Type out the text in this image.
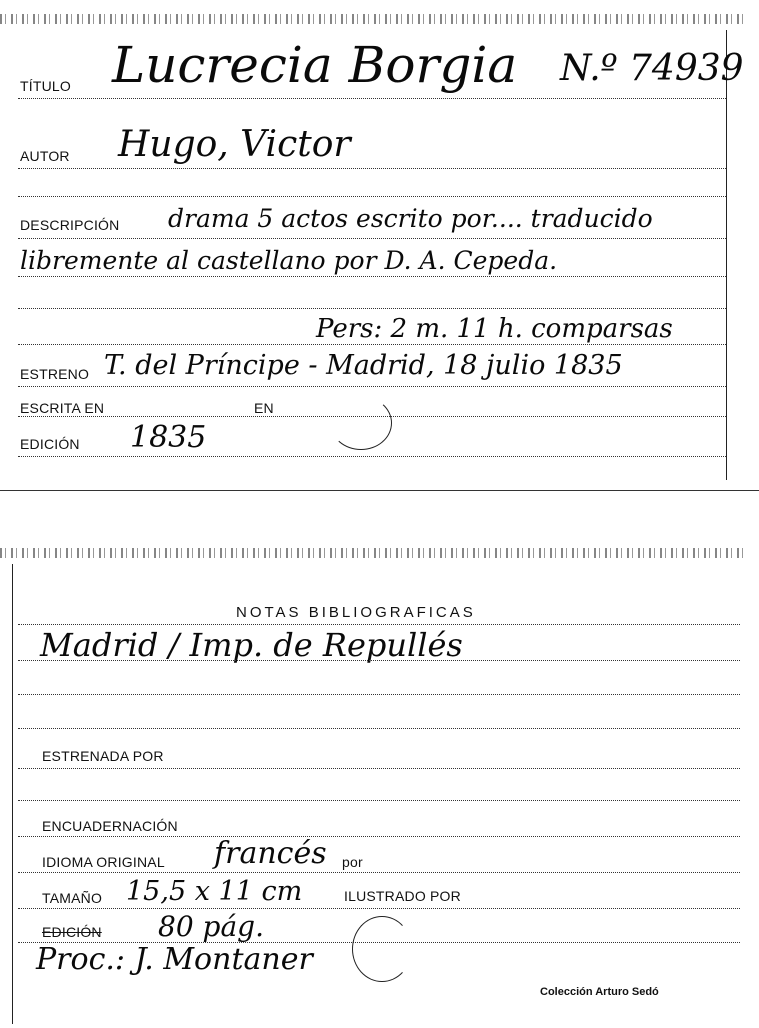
TÍTULO Lucrecia Borgia N.º 74939
AUTOR Hugo, Victor
DESCRIPCIÓN drama 5 actos escrito por.... traducido
libremente al castellano por D. A. Cepeda.
Pers: 2 m. 11 h. comparsas
ESTRENO T. del Príncipe - Madrid, 18 julio 1835
ESCRITA EN	EN
EDICIÓN 1835
NOTAS BIBLIOGRAFICAS
Madrid / Imp. de Repullés
ESTRENADA POR
ENCUADERNACIÓN
IDIOMA ORIGINAL francés por
TAMAÑO 15,5 x 11 cm	ILUSTRADO POR
EDICIÓN 80 pág.
Proc.: J. Montaner
Colección Arturo Sedó
